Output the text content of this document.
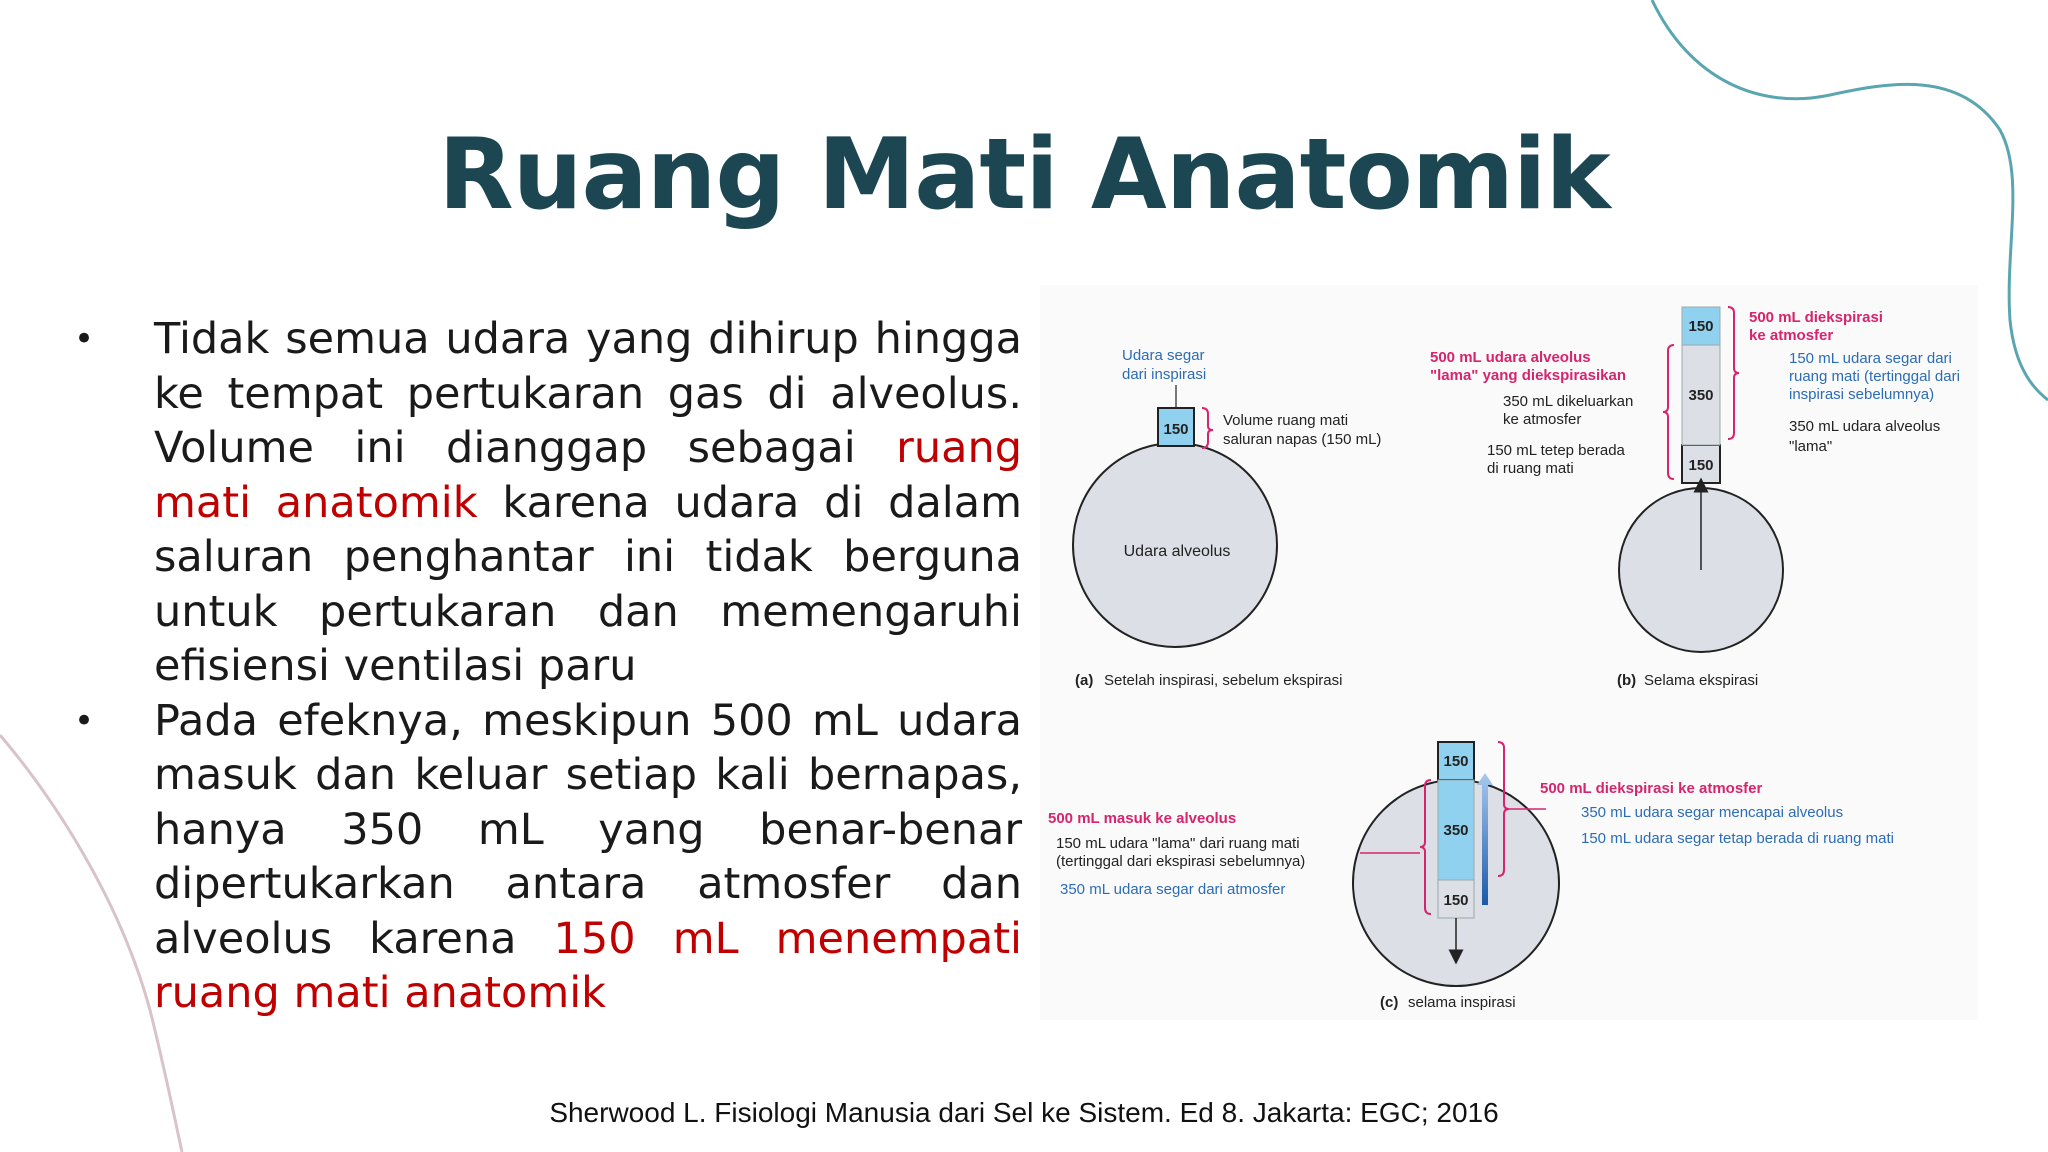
Ruang Mati Anatomik
• Tidak semua udara yang dihirup hingga ke tempat pertukaran gas di alveolus. Volume ini dianggap sebagai ruang mati anatomik karena udara di dalam saluran penghantar ini tidak berguna untuk pertukaran dan memengaruhi efisiensi ventilasi paru
• Pada efeknya, meskipun 500 mL udara masuk dan keluar setiap kali bernapas, hanya 350 mL yang benar-benar dipertukarkan antara atmosfer dan alveolus karena 150 mL menempati ruang mati anatomik
150
Udara segar
dari inspirasi
Volume ruang mati
saluran napas (150 mL)
Udara alveolus
(a) Setelah inspirasi, sebelum ekspirasi
150
350
150
500 mL udara alveolus
"lama" yang diekspirasikan
350 mL dikeluarkan
ke atmosfer
150 mL tetep berada
di ruang mati
500 mL diekspirasi
ke atmosfer
150 mL udara segar dari
ruang mati (tertinggal dari
inspirasi sebelumnya)
350 mL udara alveolus
"lama"
(b) Selama ekspirasi
150
350
150
500 mL masuk ke alveolus
150 mL udara "lama" dari ruang mati
(tertinggal dari ekspirasi sebelumnya)
350 mL udara segar dari atmosfer
500 mL diekspirasi ke atmosfer
350 mL udara segar mencapai alveolus
150 mL udara segar tetap berada di ruang mati
(c) selama inspirasi
Sherwood L. Fisiologi Manusia dari Sel ke Sistem. Ed 8. Jakarta: EGC; 2016
